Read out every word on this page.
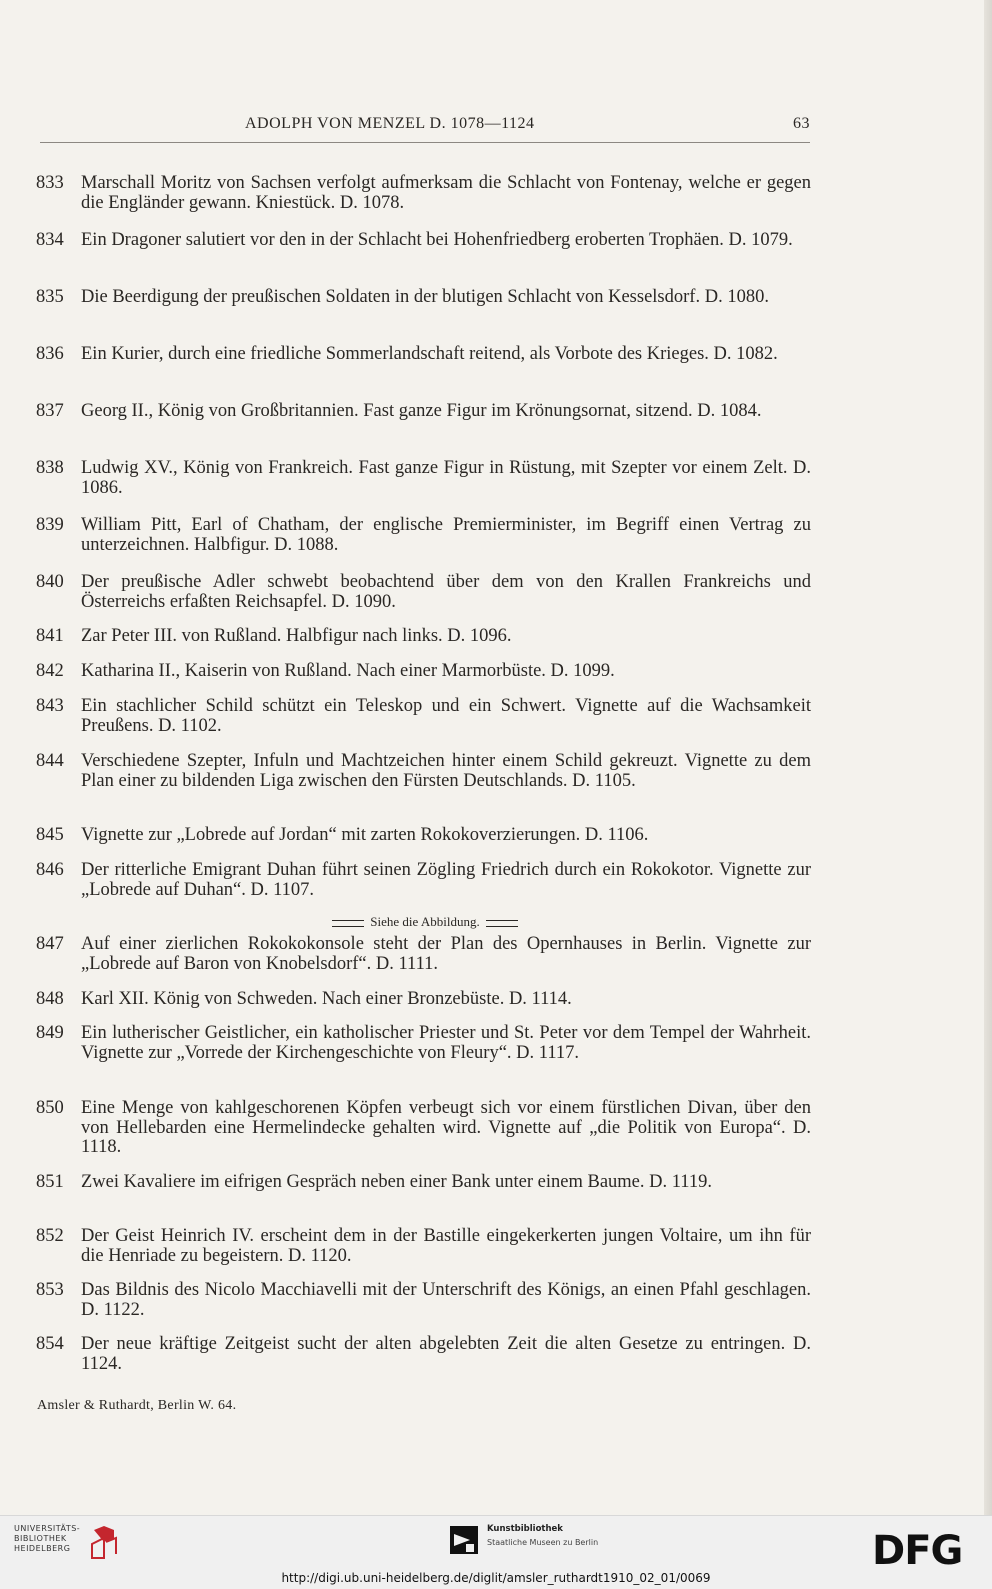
ADOLPH VON MENZEL D. 1078—1124	63
833 Marschall Moritz von Sachsen verfolgt aufmerksam die Schlacht von Fontenay, welche er gegen die Engländer gewann. Kniestück. D. 1078.
834 Ein Dragoner salutiert vor den in der Schlacht bei Hohenfriedberg eroberten Trophäen. D. 1079.
835 Die Beerdigung der preußischen Soldaten in der blutigen Schlacht von Kesselsdorf. D. 1080.
836 Ein Kurier, durch eine friedliche Sommerlandschaft reitend, als Vorbote des Krieges. D. 1082.
837 Georg II., König von Großbritannien. Fast ganze Figur im Krönungsornat, sitzend. D. 1084.
838 Ludwig XV., König von Frankreich. Fast ganze Figur in Rüstung, mit Szepter vor einem Zelt. D. 1086.
839 William Pitt, Earl of Chatham, der englische Premierminister, im Begriff einen Vertrag zu unterzeichnen. Halbfigur. D. 1088.
840 Der preußische Adler schwebt beobachtend über dem von den Krallen Frankreichs und Österreichs erfaßten Reichsapfel. D. 1090.
841 Zar Peter III. von Rußland. Halbfigur nach links. D. 1096.
842 Katharina II., Kaiserin von Rußland. Nach einer Marmorbüste. D. 1099.
843 Ein stachlicher Schild schützt ein Teleskop und ein Schwert. Vignette auf die Wachsamkeit Preußens. D. 1102.
844 Verschiedene Szepter, Infuln und Machtzeichen hinter einem Schild gekreuzt. Vignette zu dem Plan einer zu bildenden Liga zwischen den Fürsten Deutschlands. D. 1105.
845 Vignette zur „Lobrede auf Jordan“ mit zarten Rokokoverzierungen. D. 1106.
846 Der ritterliche Emigrant Duhan führt seinen Zögling Friedrich durch ein Rokokotor. Vignette zur „Lobrede auf Duhan“. D. 1107.
847 Auf einer zierlichen Rokokokonsole steht der Plan des Opernhauses in Berlin. Vignette zur „Lobrede auf Baron von Knobelsdorf“. D. 1111.
848 Karl XII. König von Schweden. Nach einer Bronzebüste. D. 1114.
849 Ein lutherischer Geistlicher, ein katholischer Priester und St. Peter vor dem Tempel der Wahrheit. Vignette zur „Vorrede der Kirchengeschichte von Fleury“. D. 1117.
850 Eine Menge von kahlgeschorenen Köpfen verbeugt sich vor einem fürstlichen Divan, über den von Hellebarden eine Hermelindecke gehalten wird. Vignette auf „die Politik von Europa“. D. 1118.
851 Zwei Kavaliere im eifrigen Gespräch neben einer Bank unter einem Baume. D. 1119.
852 Der Geist Heinrich IV. erscheint dem in der Bastille eingekerkerten jungen Voltaire, um ihn für die Henriade zu begeistern. D. 1120.
853 Das Bildnis des Nicolo Macchiavelli mit der Unterschrift des Königs, an einen Pfahl geschlagen. D. 1122.
854 Der neue kräftige Zeitgeist sucht der alten abgelebten Zeit die alten Gesetze zu entringen. D. 1124.
Siehe die Abbildung.
Amsler & Ruthardt, Berlin W. 64.
UNIVERSITÄTS-
BIBLIOTHEK
HEIDELBERG
Kunstbibliothek
Staatliche Museen zu Berlin	DFG
http://digi.ub.uni-heidelberg.de/diglit/amsler_ruthardt1910_02_01/0069
